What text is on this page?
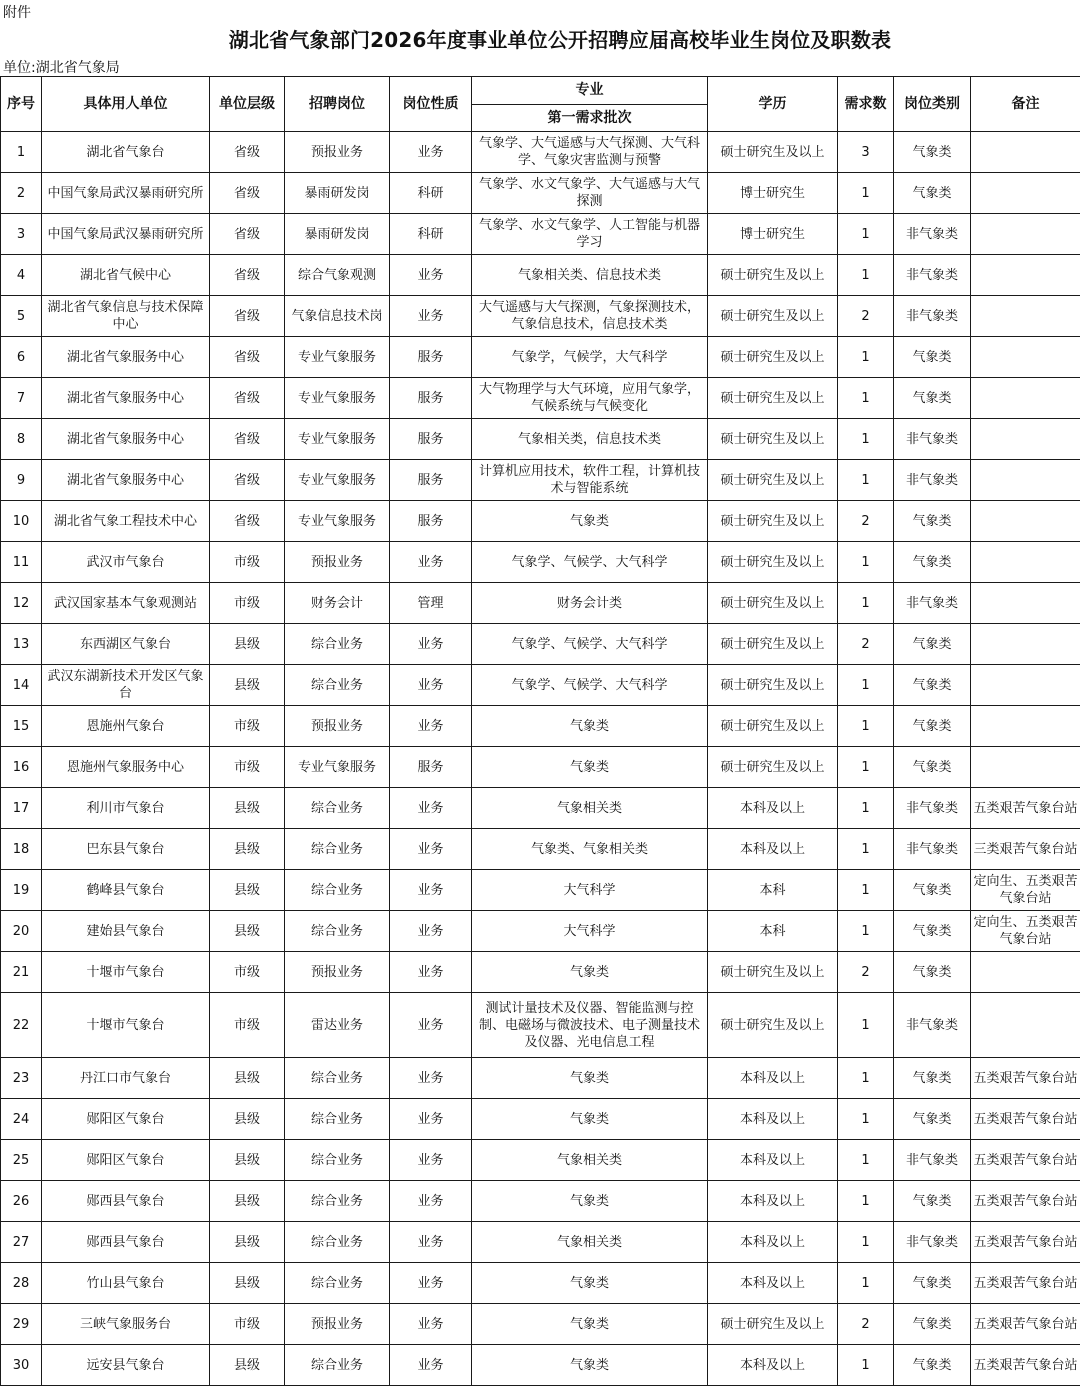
附件
湖北省气象部门2026年度事业单位公开招聘应届高校毕业生岗位及职数表
单位:湖北省气象局
序号	具体用人单位	单位层级	招聘岗位	岗位性质	专业	学历	需求数	岗位类别	备注
					第一需求批次				
1	湖北省气象台	省级	预报业务	业务	气象学、大气遥感与大气探测、大气科学、气象灾害监测与预警	硕士研究生及以上	3	气象类	
2	中国气象局武汉暴雨研究所	省级	暴雨研发岗	科研	气象学、水文气象学、大气遥感与大气探测	博士研究生	1	气象类	
3	中国气象局武汉暴雨研究所	省级	暴雨研发岗	科研	气象学、水文气象学、人工智能与机器学习	博士研究生	1	非气象类	
4	湖北省气候中心	省级	综合气象观测	业务	气象相关类、信息技术类	硕士研究生及以上	1	非气象类	
5	湖北省气象信息与技术保障中心	省级	气象信息技术岗	业务	大气遥感与大气探测，气象探测技术，气象信息技术，信息技术类	硕士研究生及以上	2	非气象类	
6	湖北省气象服务中心	省级	专业气象服务	服务	气象学，气候学，大气科学	硕士研究生及以上	1	气象类	
7	湖北省气象服务中心	省级	专业气象服务	服务	大气物理学与大气环境，应用气象学，气候系统与气候变化	硕士研究生及以上	1	气象类	
8	湖北省气象服务中心	省级	专业气象服务	服务	气象相关类，信息技术类	硕士研究生及以上	1	非气象类	
9	湖北省气象服务中心	省级	专业气象服务	服务	计算机应用技术，软件工程，计算机技术与智能系统	硕士研究生及以上	1	非气象类	
10	湖北省气象工程技术中心	省级	专业气象服务	服务	气象类	硕士研究生及以上	2	气象类	
11	武汉市气象台	市级	预报业务	业务	气象学、气候学、大气科学	硕士研究生及以上	1	气象类	
12	武汉国家基本气象观测站	市级	财务会计	管理	财务会计类	硕士研究生及以上	1	非气象类	
13	东西湖区气象台	县级	综合业务	业务	气象学、气候学、大气科学	硕士研究生及以上	2	气象类	
14	武汉东湖新技术开发区气象台	县级	综合业务	业务	气象学、气候学、大气科学	硕士研究生及以上	1	气象类	
15	恩施州气象台	市级	预报业务	业务	气象类	硕士研究生及以上	1	气象类	
16	恩施州气象服务中心	市级	专业气象服务	服务	气象类	硕士研究生及以上	1	气象类	
17	利川市气象台	县级	综合业务	业务	气象相关类	本科及以上	1	非气象类	五类艰苦气象台站
18	巴东县气象台	县级	综合业务	业务	气象类、气象相关类	本科及以上	1	非气象类	三类艰苦气象台站
19	鹤峰县气象台	县级	综合业务	业务	大气科学	本科	1	气象类	定向生、五类艰苦气象台站
20	建始县气象台	县级	综合业务	业务	大气科学	本科	1	气象类	定向生、五类艰苦气象台站
21	十堰市气象台	市级	预报业务	业务	气象类	硕士研究生及以上	2	气象类	
22	十堰市气象台	市级	雷达业务	业务	测试计量技术及仪器、智能监测与控制、电磁场与微波技术、电子测量技术及仪器、光电信息工程	硕士研究生及以上	1	非气象类	
23	丹江口市气象台	县级	综合业务	业务	气象类	本科及以上	1	气象类	五类艰苦气象台站
24	郧阳区气象台	县级	综合业务	业务	气象类	本科及以上	1	气象类	五类艰苦气象台站
25	郧阳区气象台	县级	综合业务	业务	气象相关类	本科及以上	1	非气象类	五类艰苦气象台站
26	郧西县气象台	县级	综合业务	业务	气象类	本科及以上	1	气象类	五类艰苦气象台站
27	郧西县气象台	县级	综合业务	业务	气象相关类	本科及以上	1	非气象类	五类艰苦气象台站
28	竹山县气象台	县级	综合业务	业务	气象类	本科及以上	1	气象类	五类艰苦气象台站
29	三峡气象服务台	市级	预报业务	业务	气象类	硕士研究生及以上	2	气象类	五类艰苦气象台站
30	远安县气象台	县级	综合业务	业务	气象类	本科及以上	1	气象类	五类艰苦气象台站
